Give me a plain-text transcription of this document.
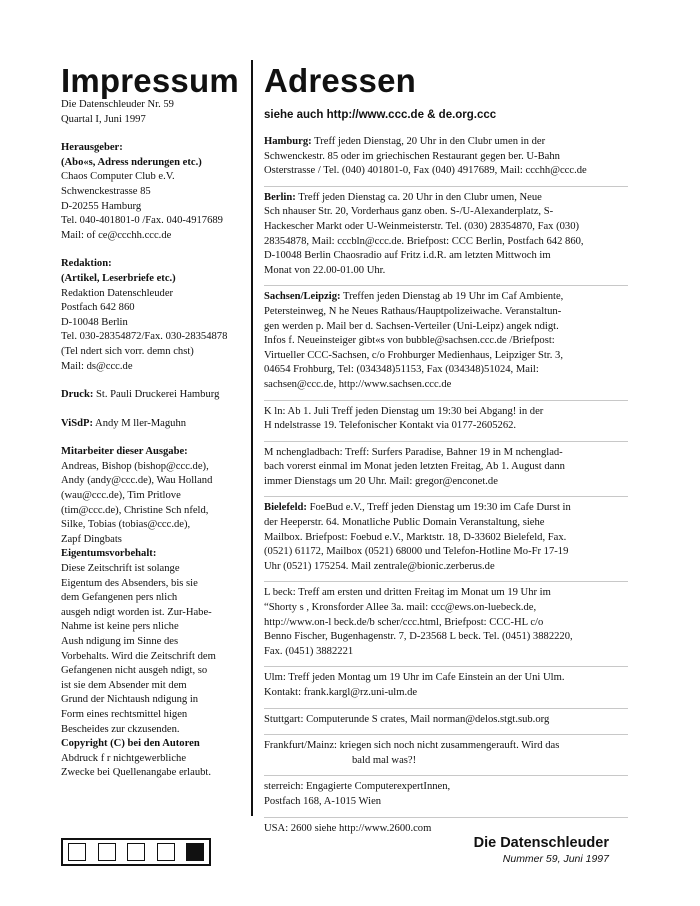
Impressum
Die Datenschleuder Nr. 59
Quartal I, Juni 1997
Herausgeber:
(Abo«s, Adress nderungen etc.)
Chaos Computer Club e.V.
Schwenckestrasse 85
D-20255 Hamburg
Tel. 040-401801-0 /Fax. 040-4917689
Mail: of ce@ccchh.ccc.de
Redaktion:
(Artikel, Leserbriefe etc.)
Redaktion Datenschleuder
Postfach 642 860
D-10048 Berlin
Tel. 030-28354872/Fax. 030-28354878
(Tel ndert sich vorr. demn chst)
Mail: ds@ccc.de
Druck: St. Pauli Druckerei Hamburg
ViSdP: Andy M ller-Maguhn
Mitarbeiter dieser Ausgabe:
Andreas, Bishop (bishop@ccc.de),
Andy (andy@ccc.de), Wau Holland
(wau@ccc.de), Tim Pritlove
(tim@ccc.de), Christine Sch nfeld,
Silke, Tobias (tobias@ccc.de),
Zapf Dingbats
Eigentumsvorbehalt:
Diese Zeitschrift ist solange
Eigentum des Absenders, bis sie
dem Gefangenen pers nlich
ausgeh ndigt worden ist. Zur-Habe-
Nahme ist keine pers nliche
Aush ndigung im Sinne des
Vorbehalts. Wird die Zeitschrift dem
Gefangenen nicht ausgeh ndigt, so
ist sie dem Absender mit dem
Grund der Nichtaush ndigung in
Form eines rechtsmittel higen
Bescheides zur ckzusenden.
Copyright (C) bei den Autoren
Abdruck f r nichtgewerbliche
Zwecke bei Quellenangabe erlaubt.
Adressen
siehe auch http://www.ccc.de & de.org.ccc
Hamburg: Treff jeden Dienstag, 20 Uhr in den Clubr umen in der
Schwenckestr. 85 oder im griechischen Restaurant gegen ber. U-Bahn
Osterstrasse / Tel. (040) 401801-0, Fax (040) 4917689, Mail: ccchh@ccc.de
Berlin: Treff jeden Dienstag ca. 20 Uhr in den Clubr umen, Neue
Sch nhauser Str. 20, Vorderhaus ganz oben. S-/U-Alexanderplatz, S-
Hackescher Markt oder U-Weinmeisterstr. Tel. (030) 28354870, Fax (030)
28354878, Mail: cccbln@ccc.de. Briefpost: CCC Berlin, Postfach 642 860,
D-10048 Berlin Chaosradio auf Fritz i.d.R. am letzten Mittwoch im
Monat von 22.00-01.00 Uhr.
Sachsen/Leipzig: Treffen jeden Dienstag ab 19 Uhr im Caf Ambiente,
Petersteinweg, N he Neues Rathaus/Hauptpolizeiwache. Veranstaltun-
gen werden p. Mail ber d. Sachsen-Verteiler (Uni-Leipz) angek ndigt.
Infos f. Neueinsteiger gibt«s von bubble@sachsen.ccc.de /Briefpost:
Virtueller CCC-Sachsen, c/o Frohburger Medienhaus, Leipziger Str. 3,
04654 Frohburg, Tel: (034348)51153, Fax (034348)51024, Mail:
sachsen@ccc.de, http://www.sachsen.ccc.de
K ln: Ab 1. Juli Treff jeden Dienstag um 19:30 bei Abgang! in der
H ndelstrasse 19. Telefonischer Kontakt via 0177-2605262.
M nchengladbach: Treff: Surfers Paradise, Bahner 19 in M nchenglad-
bach vorerst einmal im Monat jeden letzten Freitag, Ab 1. August dann
immer Dienstags um 20 Uhr. Mail: gregor@enconet.de
Bielefeld: FoeBud e.V., Treff jeden Dienstag um 19:30 im Cafe Durst in
der Heeperstr. 64. Monatliche Public Domain Veranstaltung, siehe
Mailbox. Briefpost: Foebud e.V., Marktstr. 18, D-33602 Bielefeld, Fax.
(0521) 61172, Mailbox (0521) 68000 und Telefon-Hotline Mo-Fr 17-19
Uhr (0521) 175254. Mail zentrale@bionic.zerberus.de
L beck: Treff am ersten und dritten Freitag im Monat um 19 Uhr im
“Shorty s , Kronsforder Allee 3a. mail: ccc@ews.on-luebeck.de,
http://www.on-l beck.de/b scher/ccc.html, Briefpost: CCC-HL c/o
Benno Fischer, Bugenhagenstr. 7, D-23568 L beck. Tel. (0451) 3882220,
Fax. (0451) 3882221
Ulm: Treff jeden Montag um 19 Uhr im Cafe Einstein an der Uni Ulm.
Kontakt: frank.kargl@rz.uni-ulm.de
Stuttgart: Computerunde S crates, Mail norman@delos.stgt.sub.org
Frankfurt/Mainz: kriegen sich noch nicht zusammengerauft. Wird das
bald mal was?!
sterreich: Engagierte ComputerexpertInnen,
Postfach 168, A-1015 Wien
USA: 2600 siehe http://www.2600.com
Die Datenschleuder
Nummer 59, Juni 1997
